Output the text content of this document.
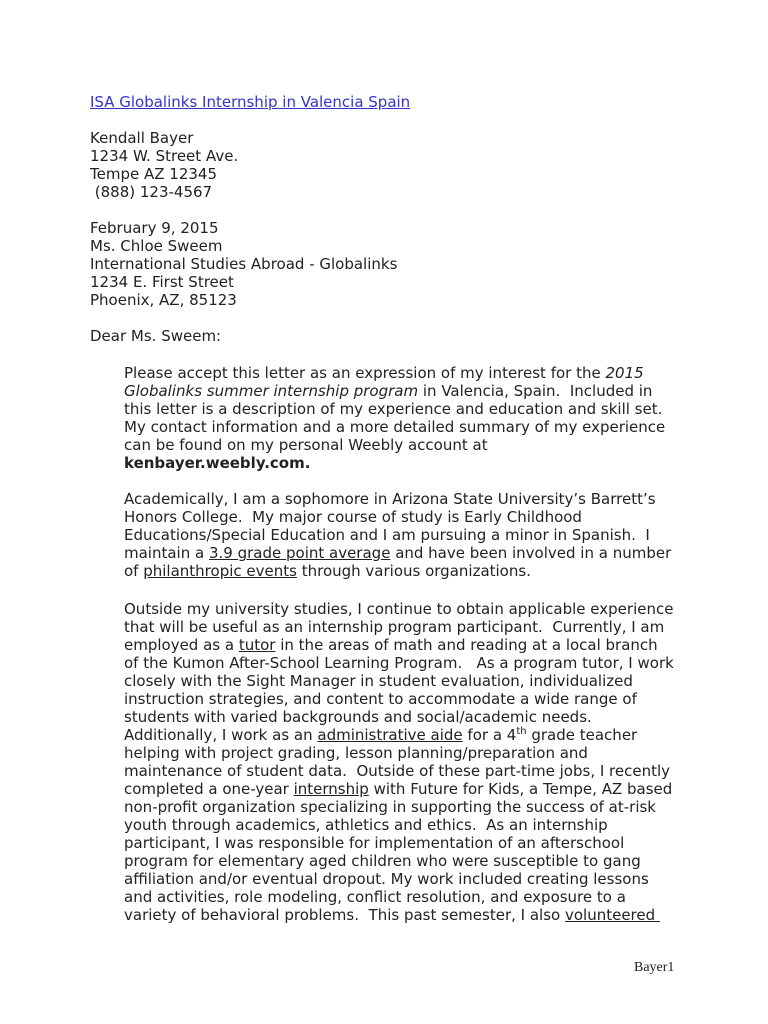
ISA Globalinks Internship in Valencia Spain
Kendall Bayer
1234 W. Street Ave.
Tempe AZ 12345
(888) 123-4567
February 9, 2015
Ms. Chloe Sweem
International Studies Abroad - Globalinks
1234 E. First Street
Phoenix, AZ, 85123
Dear Ms. Sweem:
Please accept this letter as an expression of my interest for the 2015
Globalinks summer internship program in Valencia, Spain.  Included in
this letter is a description of my experience and education and skill set.
My contact information and a more detailed summary of my experience
can be found on my personal Weebly account at
kenbayer.weebly.com.
Academically, I am a sophomore in Arizona State University’s Barrett’s
Honors College.  My major course of study is Early Childhood
Educations/Special Education and I am pursuing a minor in Spanish.  I
maintain a 3.9 grade point average and have been involved in a number
of philanthropic events through various organizations.
Outside my university studies, I continue to obtain applicable experience
that will be useful as an internship program participant.  Currently, I am
employed as a tutor in the areas of math and reading at a local branch
of the Kumon After-School Learning Program.   As a program tutor, I work
closely with the Sight Manager in student evaluation, individualized
instruction strategies, and content to accommodate a wide range of
students with varied backgrounds and social/academic needs.
Additionally, I work as an administrative aide for a 4th grade teacher
helping with project grading, lesson planning/preparation and
maintenance of student data.  Outside of these part-time jobs, I recently
completed a one-year internship with Future for Kids, a Tempe, AZ based
non-profit organization specializing in supporting the success of at-risk
youth through academics, athletics and ethics.  As an internship
participant, I was responsible for implementation of an afterschool
program for elementary aged children who were susceptible to gang
affiliation and/or eventual dropout. My work included creating lessons
and activities, role modeling, conflict resolution, and exposure to a
variety of behavioral problems.  This past semester, I also volunteered
Bayer1
